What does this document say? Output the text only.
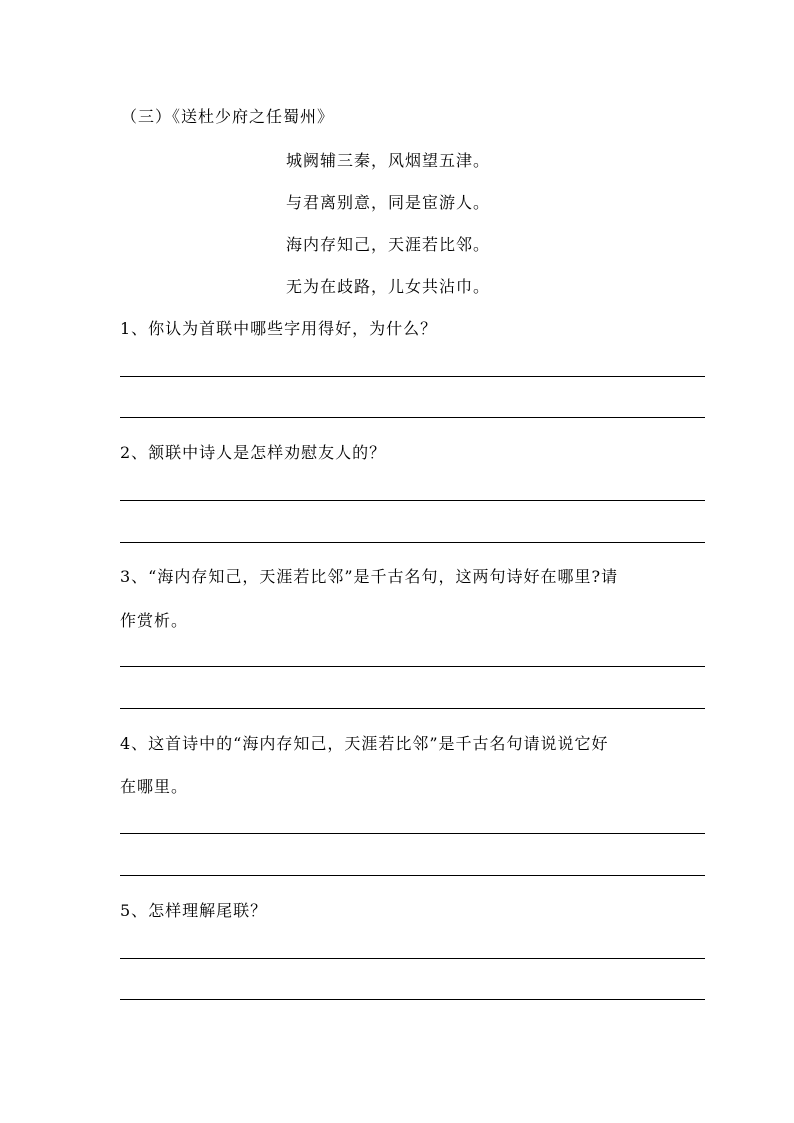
（三）《送杜少府之任蜀州》
城阙辅三秦，风烟望五津。
与君离别意，同是宦游人。
海内存知己，天涯若比邻。
无为在歧路，儿女共沾巾。
1、你认为首联中哪些字用得好，为什么？
2、颔联中诗人是怎样劝慰友人的？
3、“海内存知己，天涯若比邻”是千古名句，这两句诗好在哪里?请
作赏析。
4、这首诗中的“海内存知己，天涯若比邻”是千古名句请说说它好
在哪里。
5、怎样理解尾联？
